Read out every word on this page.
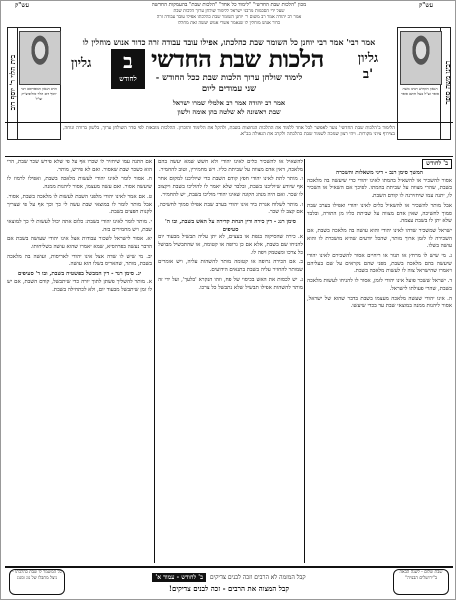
מכון "הלכות שבת החדשי" "לימוד כל אחד" "הלכות שבת" בהעמקות החדשה
עש"ק	עש"ק
שעל ידי הסכמות מרבני ישראל ללימוד שולחן ערוך הלכות שבת
אמר רב יהודה אמר רב משום ר' יוחנן השומר שבת כהלכתו אפילו עובד עבודה זרה
כדור אנוש מוחלין לו שנאמר אשרי אנוש יעשה זאת מחללו
בית הלוי ר' יוסף דוב	הרב הגאון המפורסם רבי יוסף דוב הלוי סולוביצ'יק זצ"ל	רבינו משה סופר
הגאון הקדוש רבינו משה סופר זצ"ל בעל חתם סופר
אמר רבי' אמר רבי יוחנן כל השומר שבת כהלכתו, אפילו עובד עבודה זרה כדור אנוש מוחלין לו
גליון	ב
לחודש
הלכות שבת החדשי
לימוד שולחן ערוך הלכות שבת ככל החודש - שני עמודים ליום
גליון
ב'
אמר רב יהודה אמר רב אלמלי שמרו ישראל
שבת ראשונה לא שלטה בהן אומה ולשון
הלימוד ב'הלכות שבת החדשי' נועד לאפשר לכל אחד ללמוד את ההלכות הנחוצות בשבת, ולהקל את הלימוד והזכרון. ההלכות מובאות לפי סדר השולחן ערוך, בלשון ברורה ונוחה, בצירוף ציוני מקורות. ויהי רצון שנזכה לשמור שבת כהלכתה ולקרב את הגאולה בב"א.
ב' לחודש
המשך סימן רנב - דיני משאלות והשכרה
אסור להשכיר או להשאיל בהמתו לאינו יהודי כדי שיעשה בה מלאכה בשבת, שהרי מצווה על שביתת בהמתו. לפיכך אם השאיל או השכיר לו, יתנה עמו שיחזירנה לו קודם השבת.
אבל מותר להשכיר או להשאיל כלים לאינו יהודי ואפילו בערב שבת סמוך לחשיכה, שאין אדם מצווה על שביתת כליו מן התורה, ובלבד שלא יתן לו בשבת עצמה.
ישראל שמשכיר שדהו לאינו יהודי והוא עושה בה מלאכה בשבת, אם השכירה לו לזמן ארוך מותר, שהכל יודעים שהיא מושכרת לו והוא עושה בשלו.
ג. מי שיש לו מרחץ או תנור או ריחיים אסור להשכירם לאינו יהודי שיעשה בהם מלאכה בשבת, מפני שהם נקראים על שם בעליהם ויאמרו שהישראל צוה לו לעשות מלאכה בשבת.
ד. ישראל ששכר פועל אינו יהודי לזמן, אסור לו להניחו לעשות מלאכה בשבת, שהרי פעולתו לישראל.
ה. אינו יהודי שעשה מלאכה מעצמו בשבת בדבר שהוא של ישראל, אסור ליהנות ממנה במוצאי שבת עד בכדי שיעשו.
להשאיל או להשכיר כלים לאינו יהודי ולא חשש שמא יעשה בהם מלאכה, דאין אדם מצווה על שביתת כליו. ויש מחמירין, וטוב להחמיר.
ו. מותר לתת לאינו יהודי חפץ קודם השבת כדי שיוליכנו למקום אחר אף שיודע שיוליכנו בשבת, ובלבד שלא יאמר לו להוליכו בשבת ויקצוב לו שכר. ואם היה מנהג הקונה שאינו יהודי מוליכו בשבת, יש להחמיר.
ז. מותר לשלוח אגרת ביד אינו יהודי בערב שבת אפילו סמוך לחשיכה, אם קצב לו שכר.
סימן רנג - דין כירה ודין הנחת קדירה על האש בשבת, ובו ה' סעיפים
א. כירה שהסיקוה בגפת או בעצים, לא יתן עליה תבשיל מבעוד יום להניחו שם בשבת, אלא אם כן גרופה או קטומה, או שהתבשיל מבושל כל צרכו ומצטמק ויפה לו.
ב. אם הכירה גרופה או קטומה מותר להשהות עליה, ויש אומרים שמותר להחזיר עליה בשבת בתנאים הידועים.
ג. יש לכסות את האש בכיסוי של פח, וזהו הנקרא 'בלעך', ועל ידי זה מותר להשהות אפילו תבשיל שלא נתבשל כל צרכו.
אם התנה עמו שיחזיר לו שכרו אף על פי שלא פירש שכר שבת, הרי הוא כשכר שבת שאסור. ואם לא פירש, מותר.
ח. אסור לומר לאינו יהודי לעשות מלאכה בשבת, ואפילו לרמוז לו שיעשה אסור. ואם עשה מעצמו, אסור ליהנות ממנה.
ט. אם אמר לאינו יהודי מלפני השבת לעשות לו מלאכה בשבת, אסור. אבל מותר לומר לו במוצאי שבת עשה לי כך וכך אף על פי שצריך לקנות חפצים בשבת.
י. מותר לומר לאינו יהודי בשבת: כלום אתה יכול לעשות לי כך למוצאי שבת, ויש מחמירים בזה.
יא. אסור לישראל לשכור עבודות אצל אינו יהודי שעושה בשבת אם הדבר נעשה בפרהסיא, שמא יאמרו שהוא עושה בשליחותו.
יב. מי שיש לו שדה אצל אינו יהודי לאריסות, ועושה בה מלאכה בשבת, מותר, שהאריס בשלו הוא עושה.
יג. סימן רנד - דין המבשל בפשטיה בשבת, ובו ד' סעיפים
א. מותר להשליך פשתן לתוך יורה כדי שיתבשל, קודם השבת, אם יש לו זמן שיתבשל מבעוד יום, ולא לכתחילה בשבת.
כל המשמר לו שבת כהלכתו - ניצל מחבלו של גוג ומגוג
שבת שלום - לשנה הבאה ב"ירושלים הבנויה"
קבל המזמה לא הרבים וזכה לבנים צדיקים  ב' לחודש - עמוד א'
קבל המצוה את הרבים - זכה לבנים צדיקים!
